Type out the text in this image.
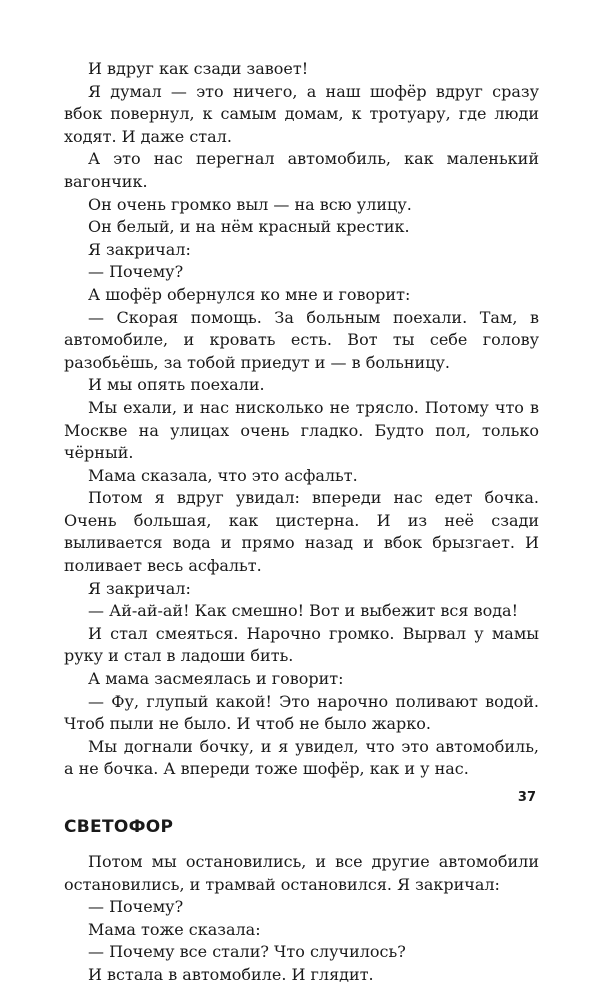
И вдруг как сзади завоет!

Я думал — это ничего, а наш шофёр вдруг сразу вбок повернул, к самым домам, к тротуару, где люди ходят. И даже стал.

А это нас перегнал автомобиль, как маленький вагончик.

Он очень громко выл — на всю улицу.

Он белый, и на нём красный крестик.

Я закричал:

— Почему?

А шофёр обернулся ко мне и говорит:

— Скорая помощь. За больным поехали. Там, в автомобиле, и кровать есть. Вот ты себе голову разобьёшь, за тобой приедут и — в больницу.

И мы опять поехали.

Мы ехали, и нас нисколько не трясло. Потому что в Москве на улицах очень гладко. Будто пол, только чёрный.

Мама сказала, что это асфальт.

Потом я вдруг увидал: впереди нас едет бочка. Очень большая, как цистерна. И из неё сзади выливается вода и прямо назад и вбок брызгает. И поливает весь асфальт.

Я закричал:

— Ай-ай-ай! Как смешно! Вот и выбежит вся вода!

И стал смеяться. Нарочно громко. Вырвал у мамы руку и стал в ладоши бить.

А мама засмеялась и говорит:

— Фу, глупый какой! Это нарочно поливают водой. Чтоб пыли не было. И чтоб не было жарко.

Мы догнали бочку, и я увидел, что это автомобиль, а не бочка. А впереди тоже шофёр, как и у нас.

СВЕТОФОР

Потом мы остановились, и все другие автомобили остановились, и трамвай остановился. Я закричал:

— Почему?

Мама тоже сказала:

— Почему все стали? Что случилось?

И встала в автомобиле. И глядит.

37
